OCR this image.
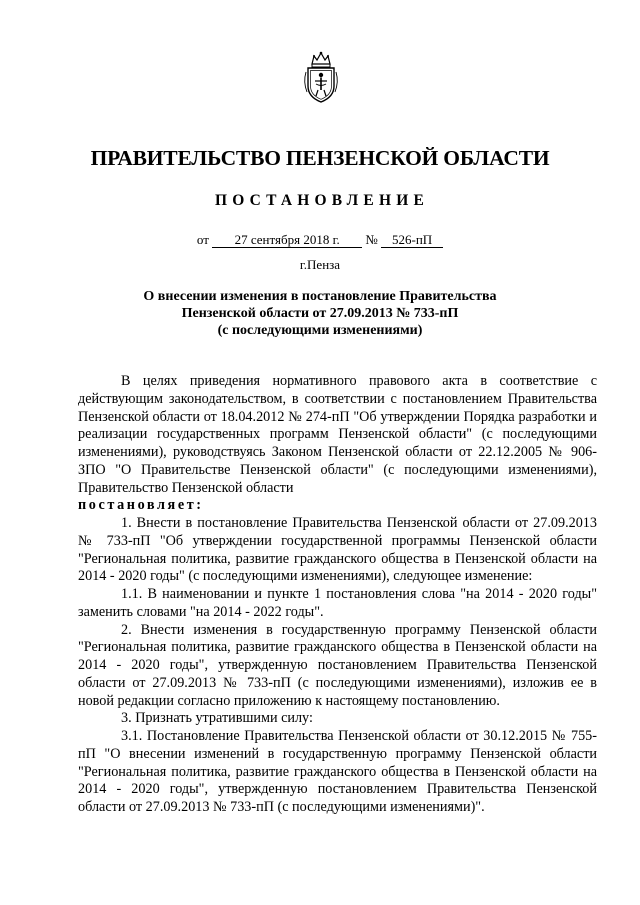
ПРАВИТЕЛЬСТВО ПЕНЗЕНСКОЙ ОБЛАСТИ
ПОСТАНОВЛЕНИЕ
от 27 сентября 2018 г. № 526-пП
г.Пенза
О внесении изменения в постановление Правительства
Пензенской области от 27.09.2013 № 733-пП
(с последующими изменениями)

В целях приведения нормативного правового акта в соответствие с действующим законодательством, в соответствии с постановлением Правительства Пензенской области от 18.04.2012 № 274-пП "Об утверждении Порядка разработки и реализации государственных программ Пензенской области" (с последующими изменениями), руководствуясь Законом Пензенской области от 22.12.2005 № 906-ЗПО "О Правительстве Пензенской области" (с последующими изменениями), Правительство Пензенской области

постановляет:

1. Внести в постановление Правительства Пензенской области от 27.09.2013 № 733-пП "Об утверждении государственной программы Пензенской области "Региональная политика, развитие гражданского общества в Пензенской области на 2014 - 2020 годы" (с последующими изменениями), следующее изменение:

1.1. В наименовании и пункте 1 постановления слова "на 2014 - 2020 годы" заменить словами "на 2014 - 2022 годы".

2. Внести изменения в государственную программу Пензенской области "Региональная политика, развитие гражданского общества в Пензенской области на 2014 - 2020 годы", утвержденную постановлением Правительства Пензенской области от 27.09.2013 № 733-пП (с последующими изменениями), изложив ее в новой редакции согласно приложению к настоящему постановлению.

3. Признать утратившими силу:

3.1. Постановление Правительства Пензенской области от 30.12.2015 № 755-пП "О внесении изменений в государственную программу Пензенской области "Региональная политика, развитие гражданского общества в Пензенской области на 2014 - 2020 годы", утвержденную постановлением Правительства Пензенской области от 27.09.2013 № 733-пП (с последующими изменениями)".
